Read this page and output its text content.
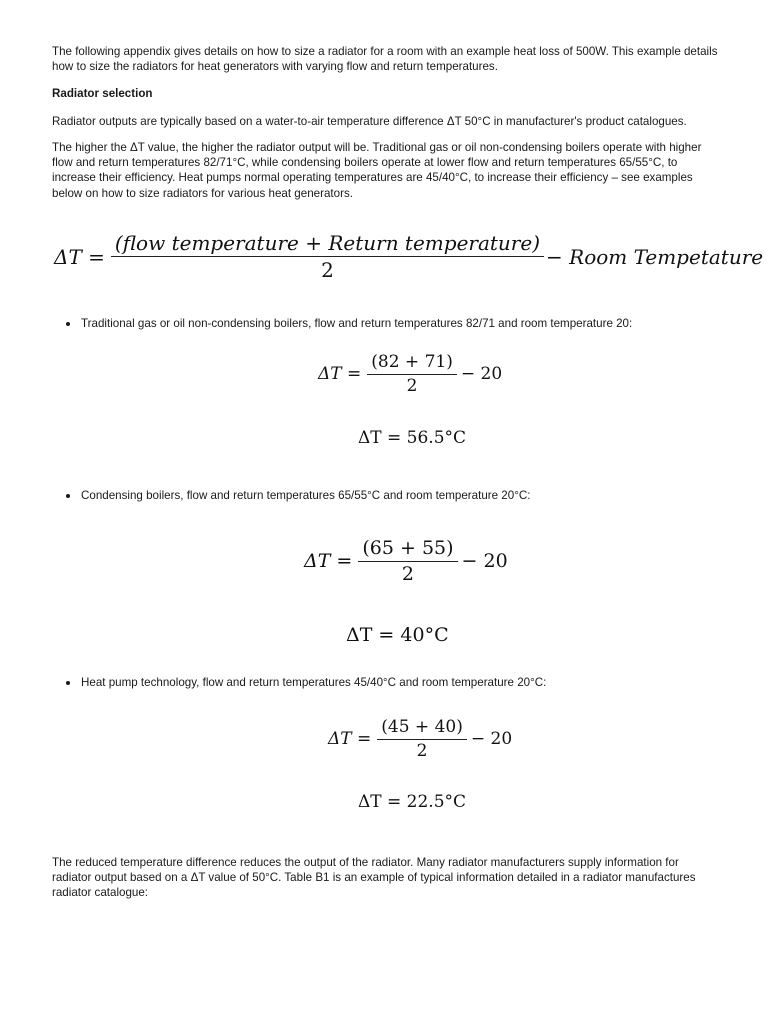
The following appendix gives details on how to size a radiator for a room with an example heat loss of 500W. This example details how to size the radiators for heat generators with varying flow and return temperatures.

Radiator selection

Radiator outputs are typically based on a water-to-air temperature difference ΔT 50°C in manufacturer's product catalogues.

The higher the ΔT value, the higher the radiator output will be. Traditional gas or oil non-condensing boilers operate with higher flow and return temperatures 82/71°C, while condensing boilers operate at lower flow and return temperatures 65/55°C, to increase their efficiency. Heat pumps normal operating temperatures are 45/40°C, to increase their efficiency – see examples below on how to size radiators for various heat generators.

$\Delta T = \frac{\text{(flow temperature + Return temperature)}}{2}$ − Room Tempetature
Traditional gas or oil non-condensing boilers, flow and return temperatures 82/71 and room temperature 20:
$\Delta T = \frac{(82 + 71)}{2} - 20$
ΔT = 56.5°C
Condensing boilers, flow and return temperatures 65/55°C and room temperature 20°C:
$\Delta T = \frac{(65 + 55)}{2} - 20$
ΔT = 40°C
Heat pump technology, flow and return temperatures 45/40°C and room temperature 20°C:
$\Delta T = \frac{(45 + 40)}{2} - 20$
ΔT = 22.5°C

The reduced temperature difference reduces the output of the radiator. Many radiator manufacturers supply information for radiator output based on a ΔT value of 50°C. Table B1 is an example of typical information detailed in a radiator manufactures radiator catalogue:
